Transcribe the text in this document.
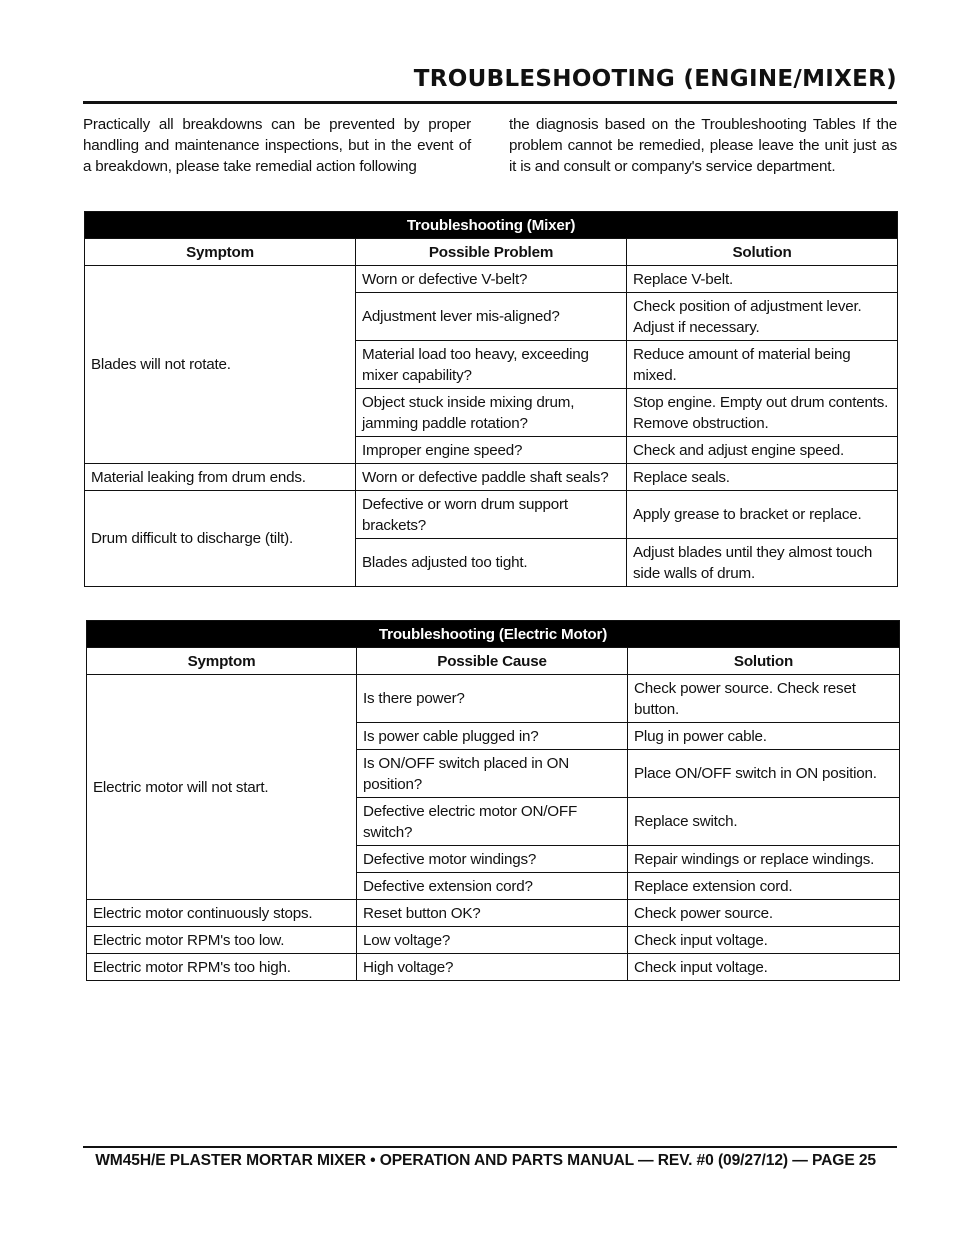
TROUBLESHOOTING (ENGINE/MIXER)

Practically all breakdowns can be prevented by proper handling and maintenance inspections, but in the event of a breakdown, please take remedial action following

the diagnosis based on the Troubleshooting Tables If the problem cannot be remedied, please leave the unit just as it is and consult or company's service department.

Troubleshooting (Mixer)		
Symptom	Possible Problem	Solution
Blades will not rotate.	Worn or defective V-belt?	Replace V-belt.
	Adjustment lever mis-aligned?	Check position of adjustment lever. Adjust if necessary.
	Material load too heavy, exceeding mixer capability?	Reduce amount of material being mixed.
	Object stuck inside mixing drum, jamming paddle rotation?	Stop engine. Empty out drum contents. Remove obstruction.
	Improper engine speed?	Check and adjust engine speed.
Material leaking from drum ends.	Worn or defective paddle shaft seals?	Replace seals.
Drum difficult to discharge (tilt).	Defective or worn drum support brackets?	Apply grease to bracket or replace.
	Blades adjusted too tight.	Adjust blades until they almost touch side walls of drum.
Troubleshooting (Electric Motor)		
Symptom	Possible Cause	Solution
Electric motor will not start.	Is there power?	Check power source. Check reset button.
	Is power cable plugged in?	Plug in power cable.
	Is ON/OFF switch placed in ON position?	Place ON/OFF switch in ON position.
	Defective electric motor ON/OFF switch?	Replace switch.
	Defective motor windings?	Repair windings or replace windings.
	Defective extension cord?	Replace extension cord.
Electric motor continuously stops.	Reset button OK?	Check power source.
Electric motor RPM's too low.	Low voltage?	Check input voltage.
Electric motor RPM's too high.	High voltage?	Check input voltage.

WM45H/E PLASTER MORTAR MIXER • OPERATION AND PARTS MANUAL — REV. #0 (09/27/12) — PAGE 25
